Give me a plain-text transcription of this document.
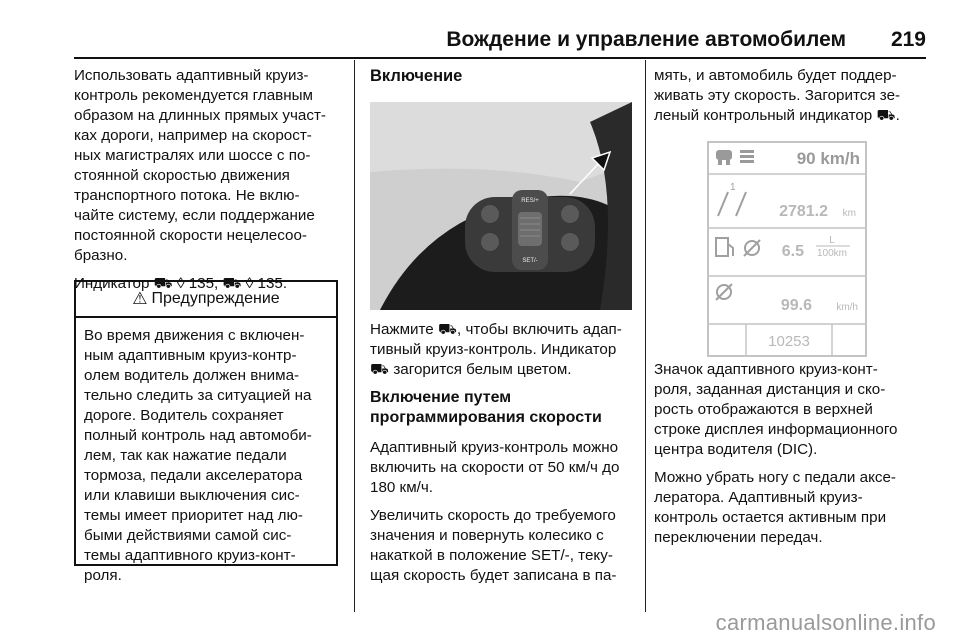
Вождение и управление автомобилем 219

Использовать адаптивный круиз-
контроль рекомендуется главным
образом на длинных прямых участ-
ках дороги, например на скорост-
ных магистралях или шоссе с по-
стоянной скоростью движения
транспортного потока. Не вклю-
чайте систему, если поддержание
постоянной скорости нецелесоо-
бразно.

Индикатор ⛟ ◊ 135, ⛟ ◊ 135.

⚠ Предупреждение
Во время движения с включен-
ным адаптивным круиз-контр-
олем водитель должен внима-
тельно следить за ситуацией на
дороге. Водитель сохраняет
полный контроль над автомоби-
лем, так как нажатие педали
тормоза, педали акселератора
или клавиши выключения сис-
темы имеет приоритет над лю-
быми действиями самой сис-
темы адаптивного круиз-конт-
роля.
Включение
RES/+
SET/-

Нажмите ⛟, чтобы включить адап-
тивный круиз-контроль. Индикатор
⛟ загорится белым цветом.

Включение путем
программирования скорости

Адаптивный круиз-контроль можно
включить на скорости от 50 км/ч до
180 км/ч.

Увеличить скорость до требуемого
значения и повернуть колесико с
накаткой в положение SET/-, теку-
щая скорость будет записана в па-

мять, и автомобиль будет поддер-
живать эту скорость. Загорится зе-
леный контрольный индикатор ⛟.

90 km/h
1
2781.2 km
6.5
L
100km
99.6 km/h
10253

Значок адаптивного круиз-конт-
роля, заданная дистанция и ско-
рость отображаются в верхней
строке дисплея информационного
центра водителя (DIC).

Можно убрать ногу с педали аксе-
лератора. Адаптивный круиз-
контроль остается активным при
переключении передач.

carmanualsonline.info
